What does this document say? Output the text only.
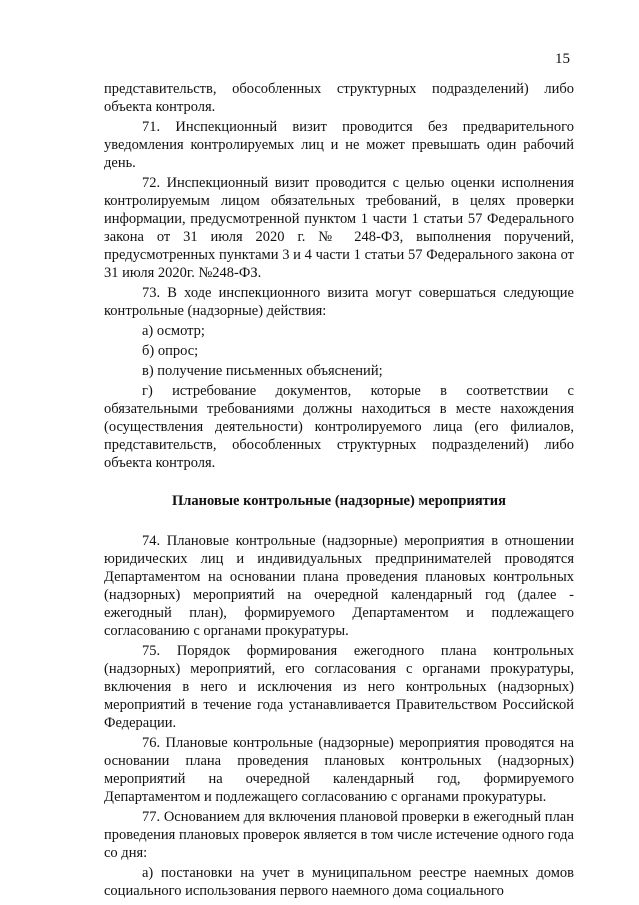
15

представительств, обособленных структурных подразделений) либо объекта контроля.

71. Инспекционный визит проводится без предварительного уведомления контролируемых лиц и не может превышать один рабочий день.

72. Инспекционный визит проводится с целью оценки исполнения контролируемым лицом обязательных требований, в целях проверки информации, предусмотренной пунктом 1 части 1 статьи 57 Федерального закона от 31 июля 2020 г. № 248-ФЗ, выполнения поручений, предусмотренных пунктами 3 и 4 части 1 статьи 57 Федерального закона от 31 июля 2020г. №248-ФЗ.

73. В ходе инспекционного визита могут совершаться следующие контрольные (надзорные) действия:

а) осмотр;

б) опрос;

в) получение письменных объяснений;

г) истребование документов, которые в соответствии с обязательными требованиями должны находиться в месте нахождения (осуществления деятельности) контролируемого лица (его филиалов, представительств, обособленных структурных подразделений) либо объекта контроля.

Плановые контрольные (надзорные) мероприятия

74. Плановые контрольные (надзорные) мероприятия в отношении юридических лиц и индивидуальных предпринимателей проводятся Департаментом на основании плана проведения плановых контрольных (надзорных) мероприятий на очередной календарный год (далее - ежегодный план), формируемого Департаментом и подлежащего согласованию с органами прокуратуры.

75. Порядок формирования ежегодного плана контрольных (надзорных) мероприятий, его согласования с органами прокуратуры, включения в него и исключения из него контрольных (надзорных) мероприятий в течение года устанавливается Правительством Российской Федерации.

76. Плановые контрольные (надзорные) мероприятия проводятся на основании плана проведения плановых контрольных (надзорных) мероприятий на очередной календарный год, формируемого Департаментом и подлежащего согласованию с органами прокуратуры.

77. Основанием для включения плановой проверки в ежегодный план проведения плановых проверок является в том числе истечение одного года со дня:

а) постановки на учет в муниципальном реестре наемных домов социального использования первого наемного дома социального
